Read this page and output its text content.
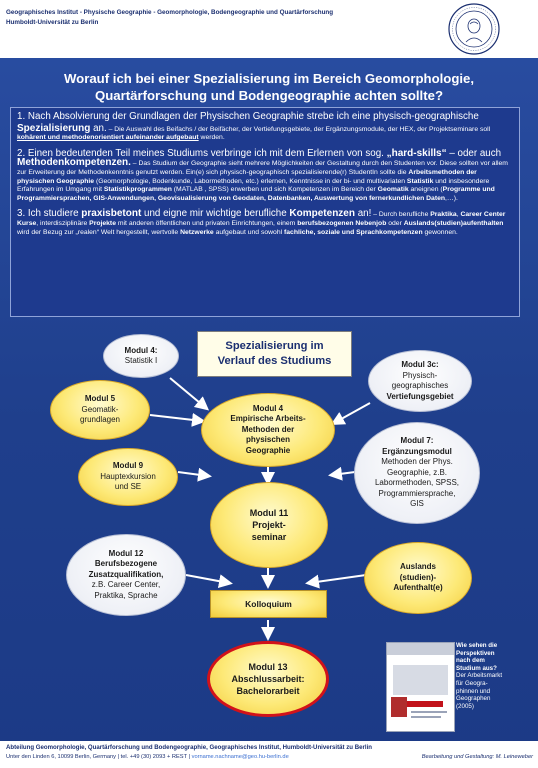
Geographisches Institut - Physische Geographie - Geomorphologie, Bodengeographie und Quartärforschung
Humboldt-Universität zu Berlin
Worauf ich bei einer Spezialisierung im Bereich Geomorphologie,
Quartärforschung und Bodengeographie achten sollte?

1. Nach Absolvierung der Grundlagen der Physischen Geographie strebe ich eine physisch-geographische Spezialisierung an. – Die Auswahl des Beifachs / der Beifächer, der Vertiefungsgebiete, der Ergänzungsmodule, der HEX, der Projektseminare soll kohärent und methodenorientiert aufeinander aufgebaut werden.

2. Einen bedeutenden Teil meines Studiums verbringe ich mit dem Erlernen von sog. „hard-skills“ – oder auch Methodenkompetenzen. – Das Studium der Geographie sieht mehrere Möglichkeiten der Gestaltung durch den Studenten vor. Diese sollten vor allem zur Erweiterung der Methodenkenntnis genutzt werden. Ein(e) sich physisch-geographisch spezialisierende(r) StudentIn sollte die Arbeitsmethoden der physischen Geographie (Geomorphologie, Bodenkunde, Labormethoden, etc.) erlernen, Kenntnisse in der bi- und multivariaten Statistik und insbesondere Erfahrungen im Umgang mit Statistikprogrammen (MATLAB , SPSS) erwerben und sich Kompetenzen im Bereich der Geomatik aneignen (Programme und Programmiersprachen, GIS-Anwendungen, Geovisualisierung von Geodaten, Datenbanken, Auswertung von fernerkundlichen Daten,…).

3. Ich studiere praxisbetont und eigne mir wichtige berufliche Kompetenzen an! – Durch berufliche Praktika, Career Center Kurse, interdisziplinäre Projekte mit anderen öffentlichen und privaten Einrichtungen, einem berufsbezogenen Nebenjob oder Auslands(studien)aufenthalten wird der Bezug zur „realen“ Welt hergestellt, wertvolle Netzwerke aufgebaut und sowohl fachliche, soziale und Sprachkompetenzen gewonnen.

Spezialisierung im
Verlauf des Studiums
Modul 4:
Statistik I
Modul 5
Geomatik-
grundlagen
Modul 4
Empirische Arbeits-
Methoden der
physischen
Geographie
Modul 3c:
Physisch-
geographisches
Vertiefungsgebiet
Modul 9
Hauptexkursion
und SE
Modul 7:
Ergänzungsmodul
Methoden der Phys.
Geographie, z.B.
Labormethoden, SPSS,
Programmiersprache,
GIS
Modul 11
Projekt-
seminar
Modul 12
Berufsbezogene
Zusatzqualifikation,
z.B. Career Center,
Praktika, Sprache
Auslands
(studien)-
Aufenthalt(e)
Kolloquium
Modul 13
Abschlussarbeit:
Bachelorarbeit
Wie sehen die
Perspektiven
nach dem
Studium aus?
Der Arbeitsmarkt
für Geogra-
phinnen und
Geographen
(2005)
Abteilung Geomorphologie, Quartärforschung und Bodengeographie, Geographisches Institut, Humboldt-Universität zu Berlin
Unter den Linden 6, 10099 Berlin, Germany | tel. +49 (30) 2093 + REST | vorname.nachname@geo.hu-berlin.de	Bearbeitung und Gestaltung: M. Leineweber
